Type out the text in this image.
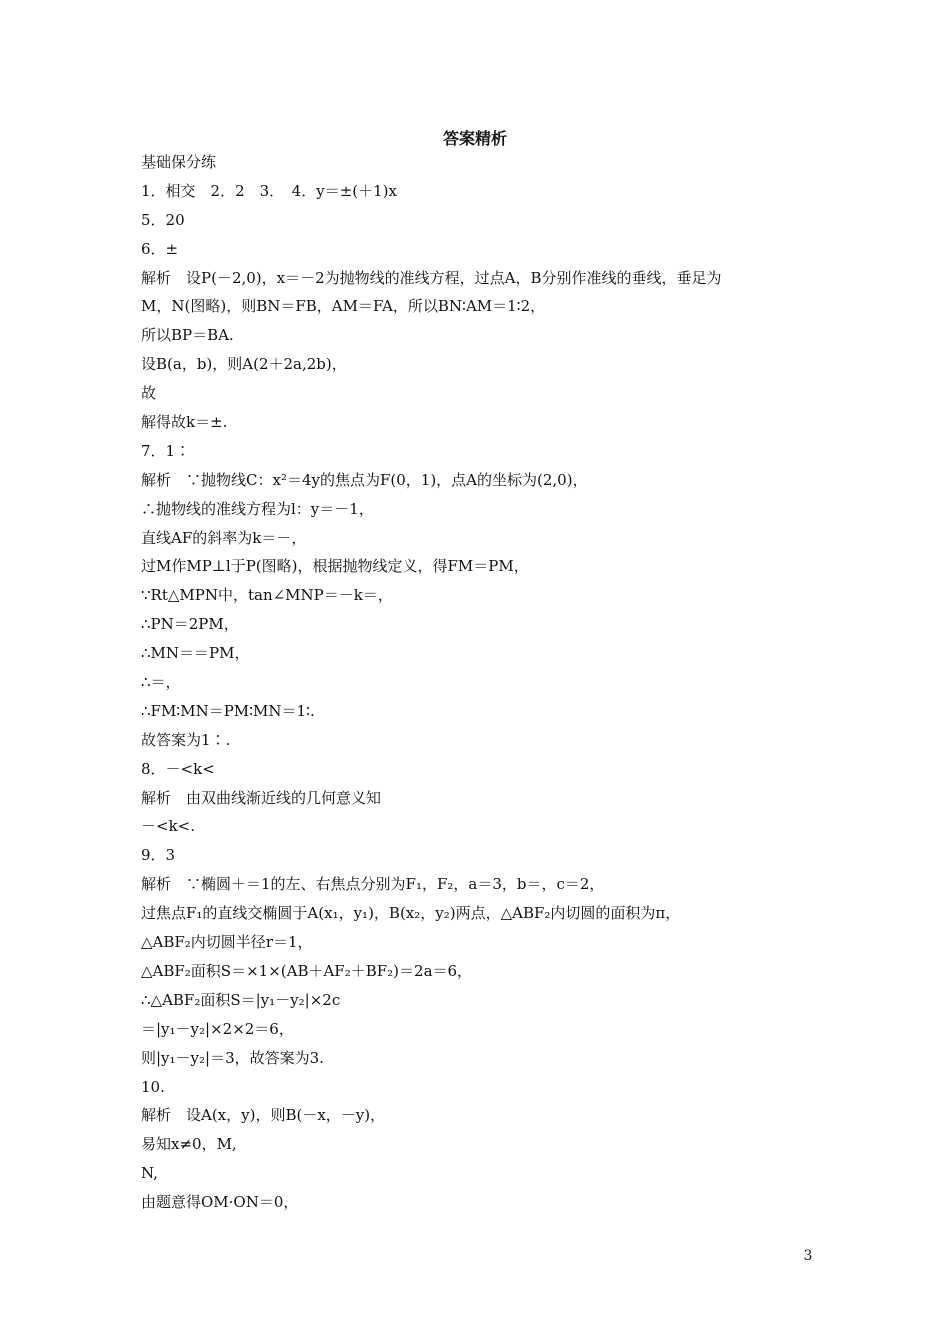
答案精析
基础保分练
1．相交　2．2　3．　4．y＝±(＋1)x
5．20
6．±
解析　设P(－2,0)，x＝－2为抛物线的准线方程，过点A，B分别作准线的垂线，垂足为
M，N(图略)，则BN＝FB，AM＝FA，所以BN∶AM＝1∶2，
所以BP＝BA.
设B(a，b)，则A(2＋2a,2b)，
故
解得故k＝±.
7．1∶
解析　∵抛物线C：x²＝4y的焦点为F(0，1)，点A的坐标为(2,0)，
∴抛物线的准线方程为l：y＝－1，
直线AF的斜率为k＝－，
过M作MP⊥l于P(图略)，根据抛物线定义，得FM＝PM，
∵Rt△MPN中，tan∠MNP＝－k＝，
∴PN＝2PM，
∴MN＝＝PM，
∴＝，
∴FM∶MN＝PM∶MN＝1∶.
故答案为1∶.
8．－<k<
解析　由双曲线渐近线的几何意义知
－<k<.
9．3
解析　∵椭圆＋＝1的左、右焦点分别为F₁，F₂，a＝3，b＝，c＝2，
过焦点F₁的直线交椭圆于A(x₁，y₁)，B(x₂，y₂)两点，△ABF₂内切圆的面积为π，
△ABF₂内切圆半径r＝1，
△ABF₂面积S＝×1×(AB＋AF₂＋BF₂)＝2a＝6，
∴△ABF₂面积S＝|y₁－y₂|×2c
＝|y₁－y₂|×2×2＝6，
则|y₁－y₂|＝3，故答案为3.
10.
解析　设A(x，y)，则B(－x，－y)，
易知x≠0，M,
N,
由题意得OM·ON＝0，
3
